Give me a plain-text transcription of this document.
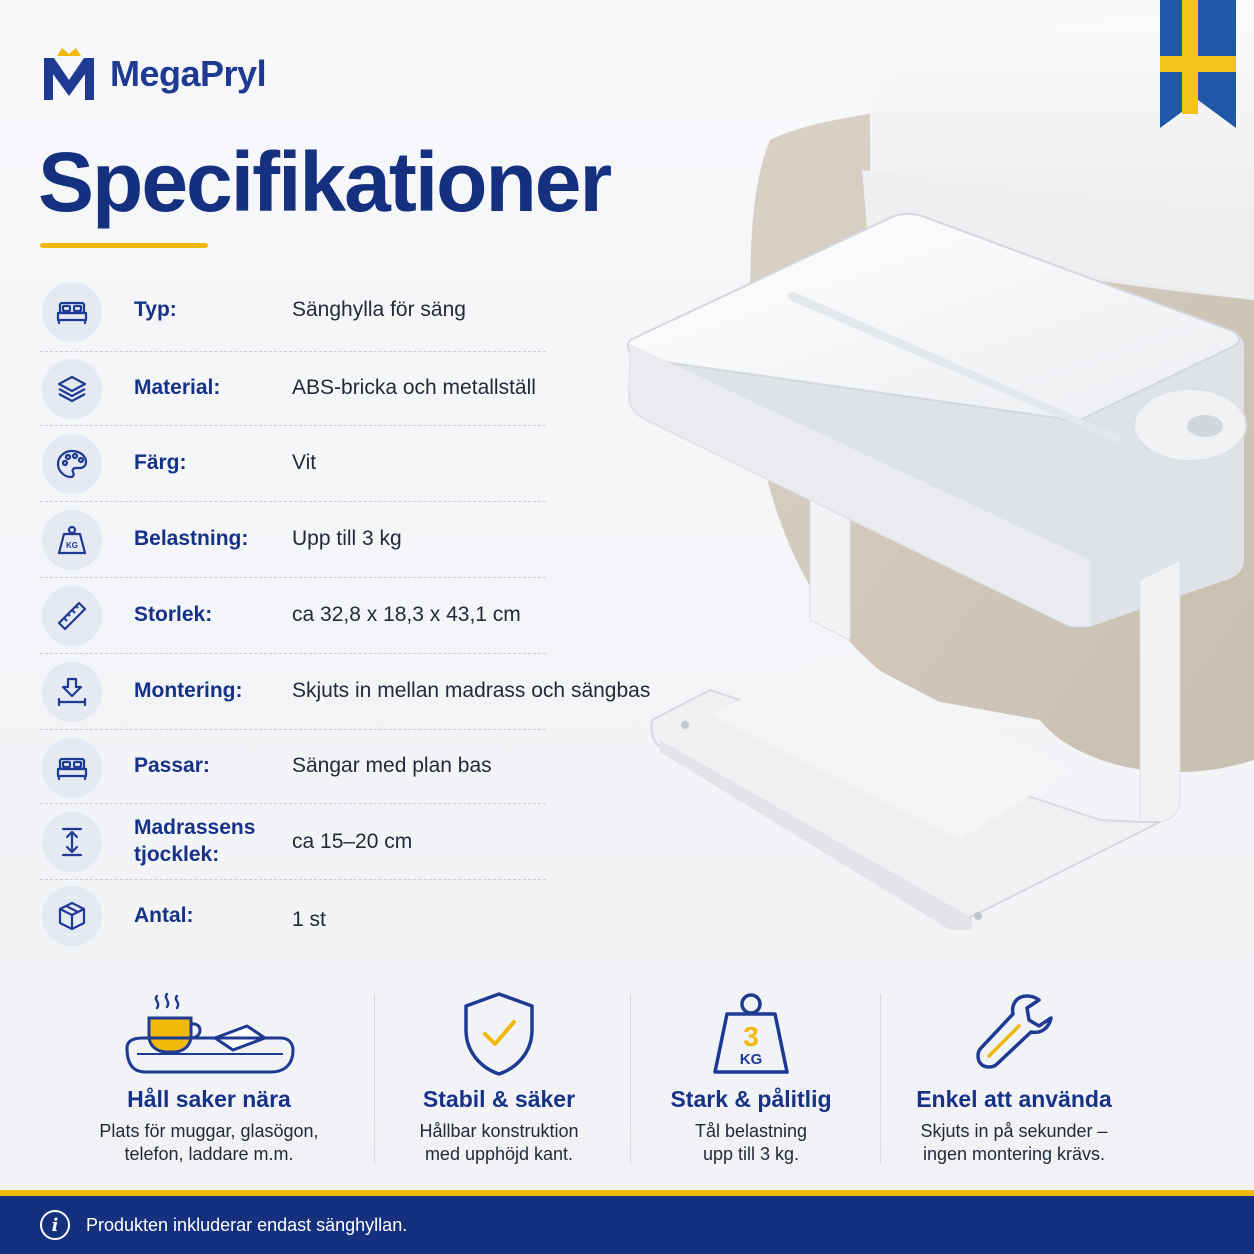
MegaPryl
Specifikationer
Typ:	Sänghylla för säng
Material:	ABS-bricka och metallställ
Färg:	Vit
KG	Belastning:	Upp till 3 kg
Storlek:	ca 32,8 x 18,3 x 43,1 cm
Montering:	Skjuts in mellan madrass och sängbas
Passar:	Sängar med plan bas
Madrassens tjocklek:
ca 15–20 cm
Antal:	1 st
Håll saker nära
Plats för muggar, glasögon,
telefon, laddare m.m.
Stabil & säker
Hållbar konstruktion
med upphöjd kant.
3
KG
Stark & pålitlig
Tål belastning
upp till 3 kg.
Enkel att använda
Skjuts in på sekunder –
ingen montering krävs.
i	Produkten inkluderar endast sänghyllan.
